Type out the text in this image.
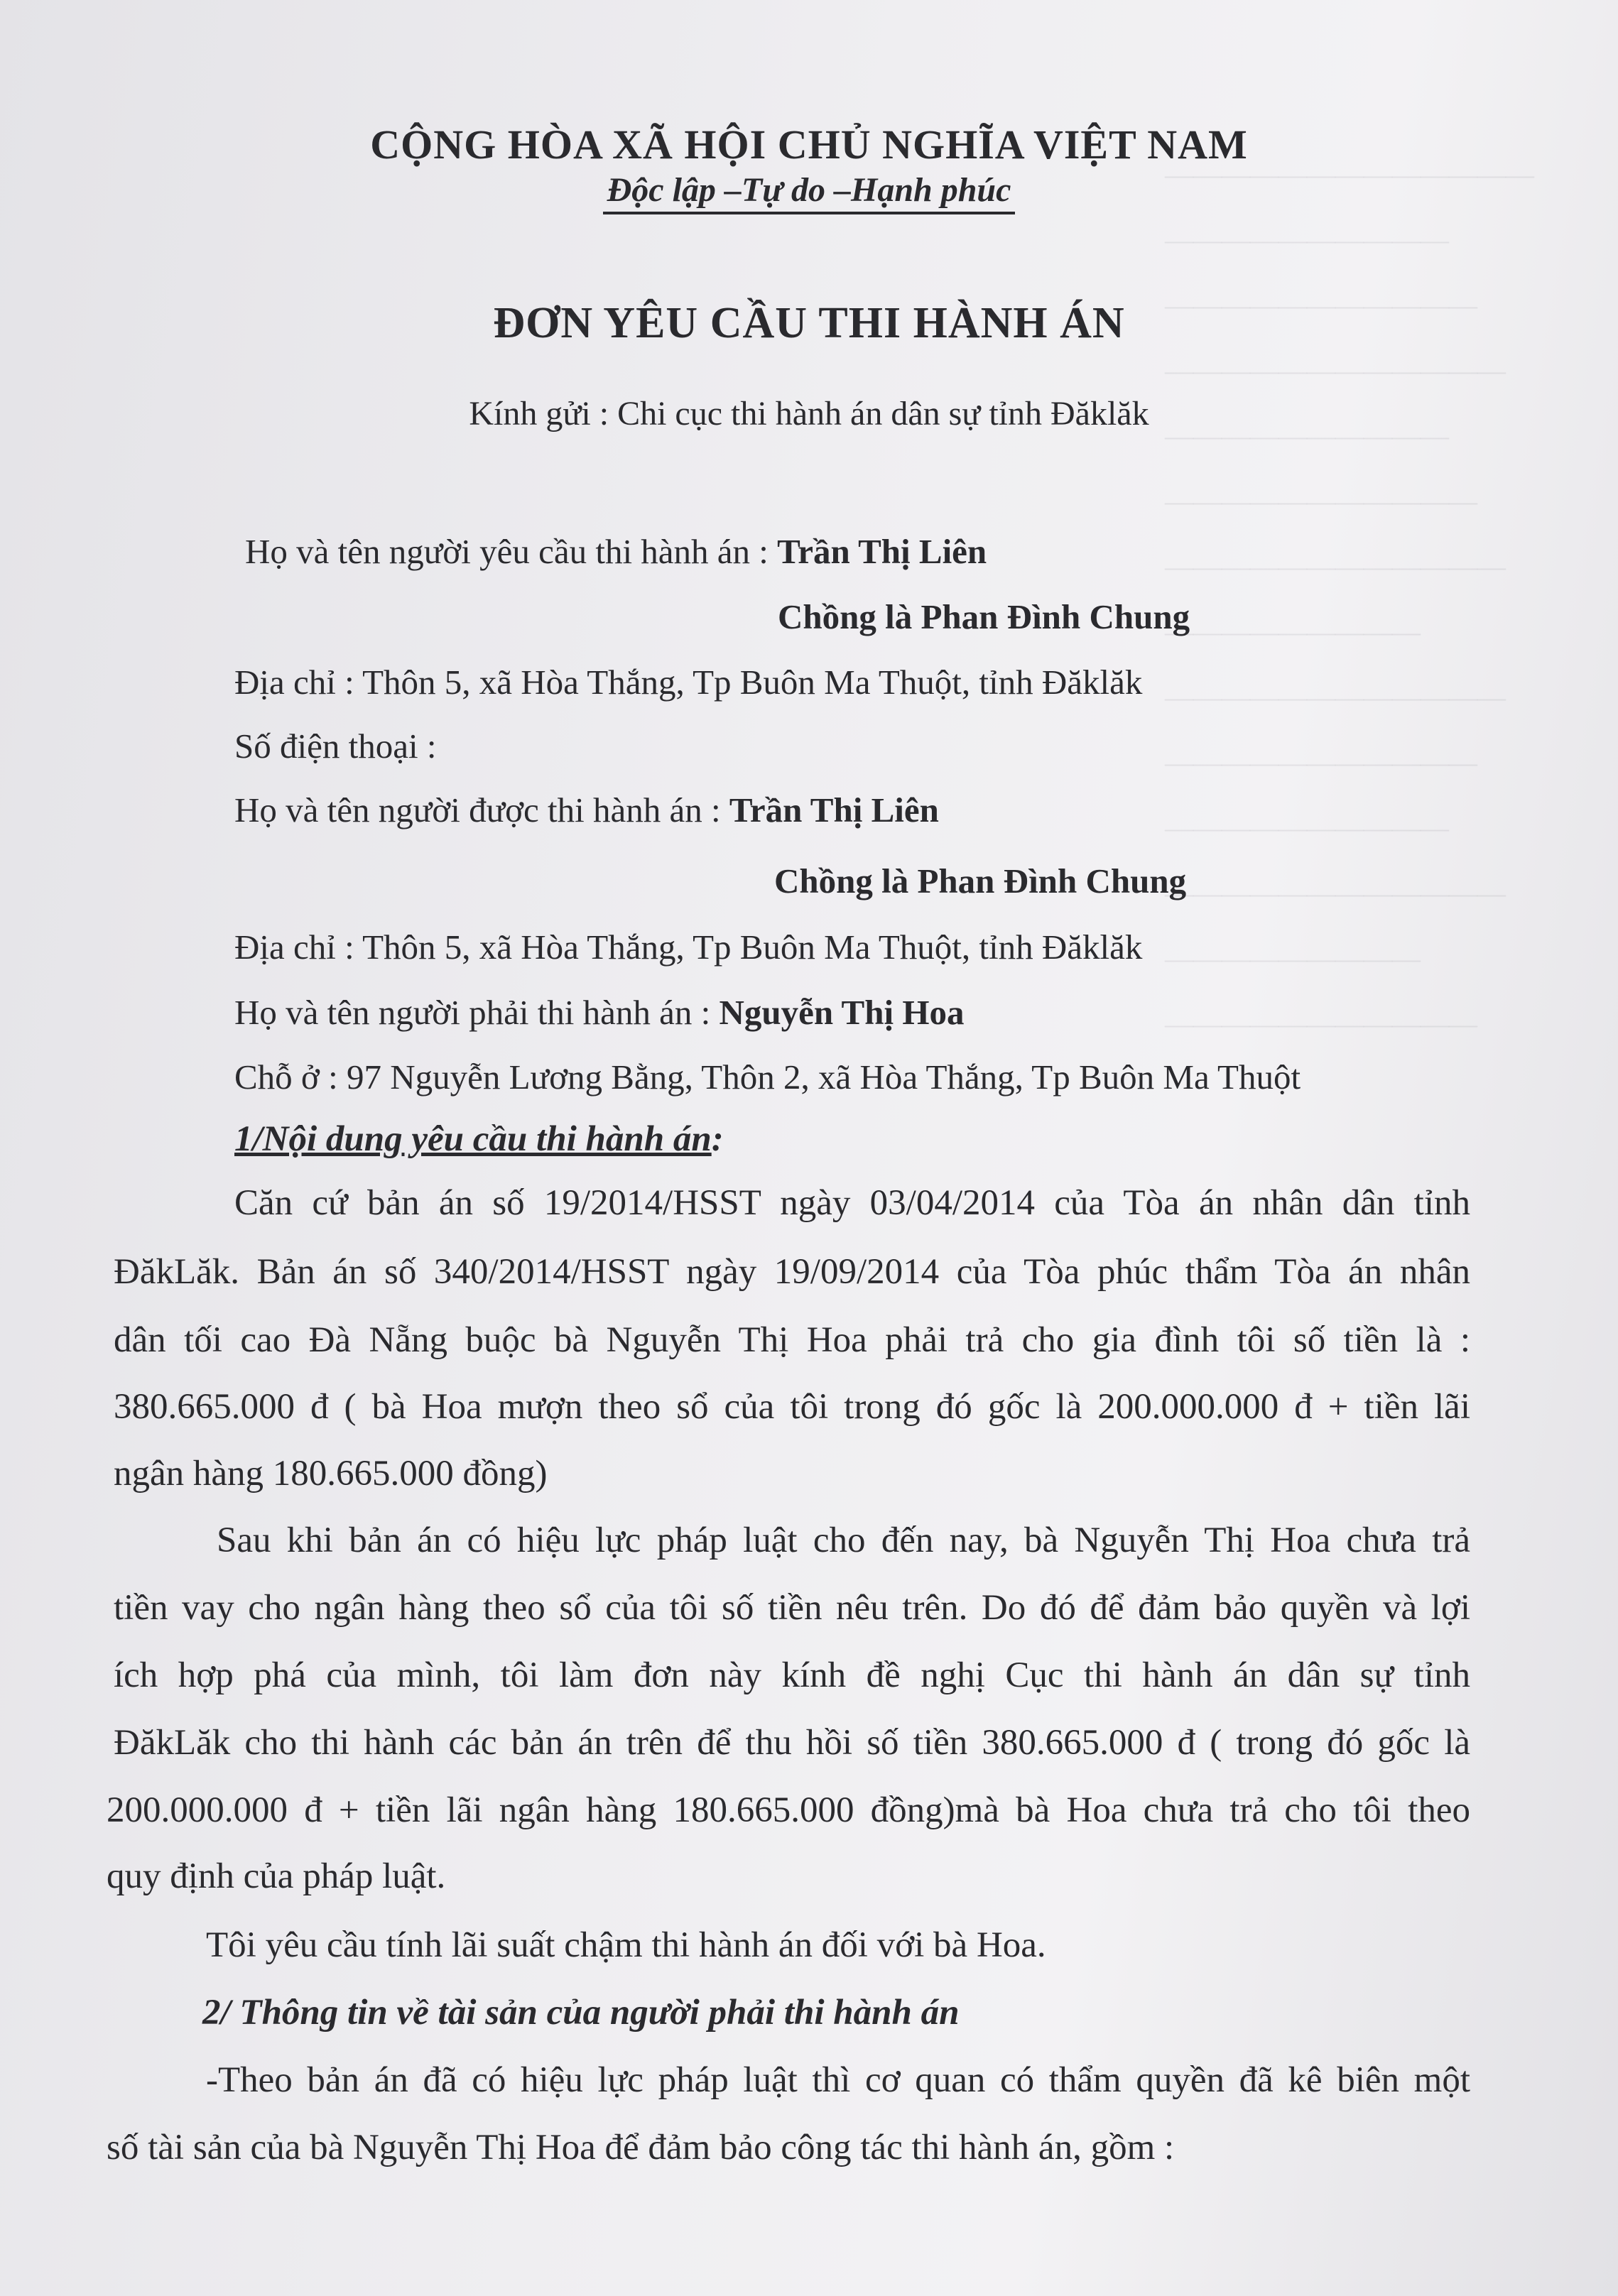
—————————————
——————————
———————————
————————————
——————————
———————————
————————————
—————————
————————————
———————————
——————————
————————————
—————————
———————————
CỘNG HÒA XÃ HỘI CHỦ NGHĨA VIỆT NAM
Độc lập –Tự do –Hạnh phúc
ĐƠN YÊU CẦU THI HÀNH ÁN
Kính gửi : Chi cục thi hành án dân sự tỉnh Đăklăk
Họ và tên người yêu cầu thi hành án : Trần Thị Liên
Chồng là Phan Đình Chung
Địa chỉ : Thôn 5, xã Hòa Thắng, Tp Buôn Ma Thuột, tỉnh Đăklăk
Số điện thoại :
Họ và tên người được thi hành án : Trần Thị Liên
Chồng là Phan Đình Chung
Địa chỉ : Thôn 5, xã Hòa Thắng, Tp Buôn Ma Thuột, tỉnh Đăklăk
Họ và tên người phải thi hành án : Nguyễn Thị Hoa
Chỗ ở : 97 Nguyễn Lương Bằng, Thôn 2, xã Hòa Thắng, Tp Buôn Ma Thuột
1/Nội dung yêu cầu thi hành án:
Căn cứ bản án số 19/2014/HSST ngày 03/04/2014 của Tòa án nhân dân tỉnh
ĐăkLăk. Bản án số 340/2014/HSST ngày 19/09/2014 của Tòa phúc thẩm Tòa án nhân
dân tối cao Đà Nẵng buộc bà Nguyễn Thị Hoa phải trả cho gia đình tôi số tiền là :
380.665.000 đ ( bà Hoa mượn theo sổ của tôi trong đó gốc là 200.000.000 đ + tiền lãi
ngân hàng 180.665.000 đồng)
Sau khi bản án có hiệu lực pháp luật cho đến nay, bà Nguyễn Thị Hoa chưa trả
tiền vay cho ngân hàng theo sổ của tôi số tiền nêu trên. Do đó để đảm bảo quyền và lợi
ích hợp phá của mình, tôi làm đơn này kính đề nghị Cục thi hành án dân sự tỉnh
ĐăkLăk cho thi hành các bản án trên để thu hồi số tiền 380.665.000 đ ( trong đó gốc là
200.000.000 đ + tiền lãi ngân hàng 180.665.000 đồng)mà bà Hoa chưa trả cho tôi theo
quy định của pháp luật.
Tôi yêu cầu tính lãi suất chậm thi hành án đối với bà Hoa.
2/ Thông tin về tài sản của người phải thi hành án
-Theo bản án đã có hiệu lực pháp luật thì cơ quan có thẩm quyền đã kê biên một
số tài sản của bà Nguyễn Thị Hoa để đảm bảo công tác thi hành án, gồm :
